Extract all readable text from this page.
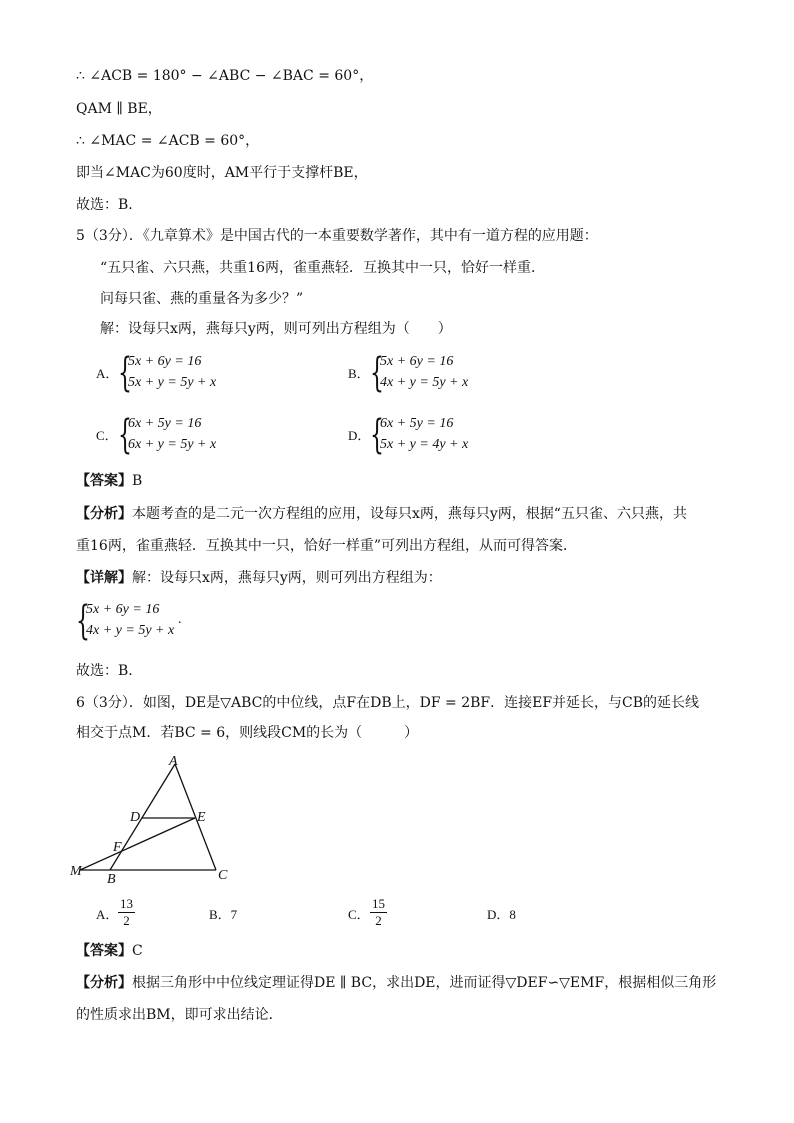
∴ ∠ACB = 180° − ∠ABC − ∠BAC = 60°，
QAM ∥ BE，
∴ ∠MAC = ∠ACB = 60°，
即当∠MAC为60度时，AM平行于支撑杆BE，
故选：B.
5（3分）．《九章算术》是中国古代的一本重要数学著作，其中有一道方程的应用题：
“五只雀、六只燕，共重16两，雀重燕轻．互换其中一只，恰好一样重．
问每只雀、燕的重量各为多少？”
解：设每只x两，燕每只y两，则可列出方程组为（　　）
A． {
5x + 6y = 16
5x + y = 5y + x
B． {
5x + 6y = 16
4x + y = 5y + x
C． {
6x + 5y = 16
6x + y = 5y + x
D． {
6x + 5y = 16
5x + y = 4y + x
【答案】B
【分析】本题考查的是二元一次方程组的应用，设每只x两，燕每只y两，根据“五只雀、六只燕，共
重16两，雀重燕轻．互换其中一只，恰好一样重”可列出方程组，从而可得答案．
【详解】解：设每只x两，燕每只y两，则可列出方程组为：
{
5x + 6y = 16
4x + y = 5y + x
.
故选：B.
6（3分）．如图，DE是▽ABC的中位线，点F在DB上，DF = 2BF．连接EF并延长，与CB的延长线
相交于点M．若BC = 6，则线段CM的长为（　　　）
A
D	E
F
M
B	C
A． $\frac{13}{2}$	B．7	C． $\frac{15}{2}$	D．8
【答案】C
【分析】根据三角形中中位线定理证得DE ∥ BC，求出DE，进而证得▽DEF∽▽EMF，根据相似三角形
的性质求出BM，即可求出结论．
